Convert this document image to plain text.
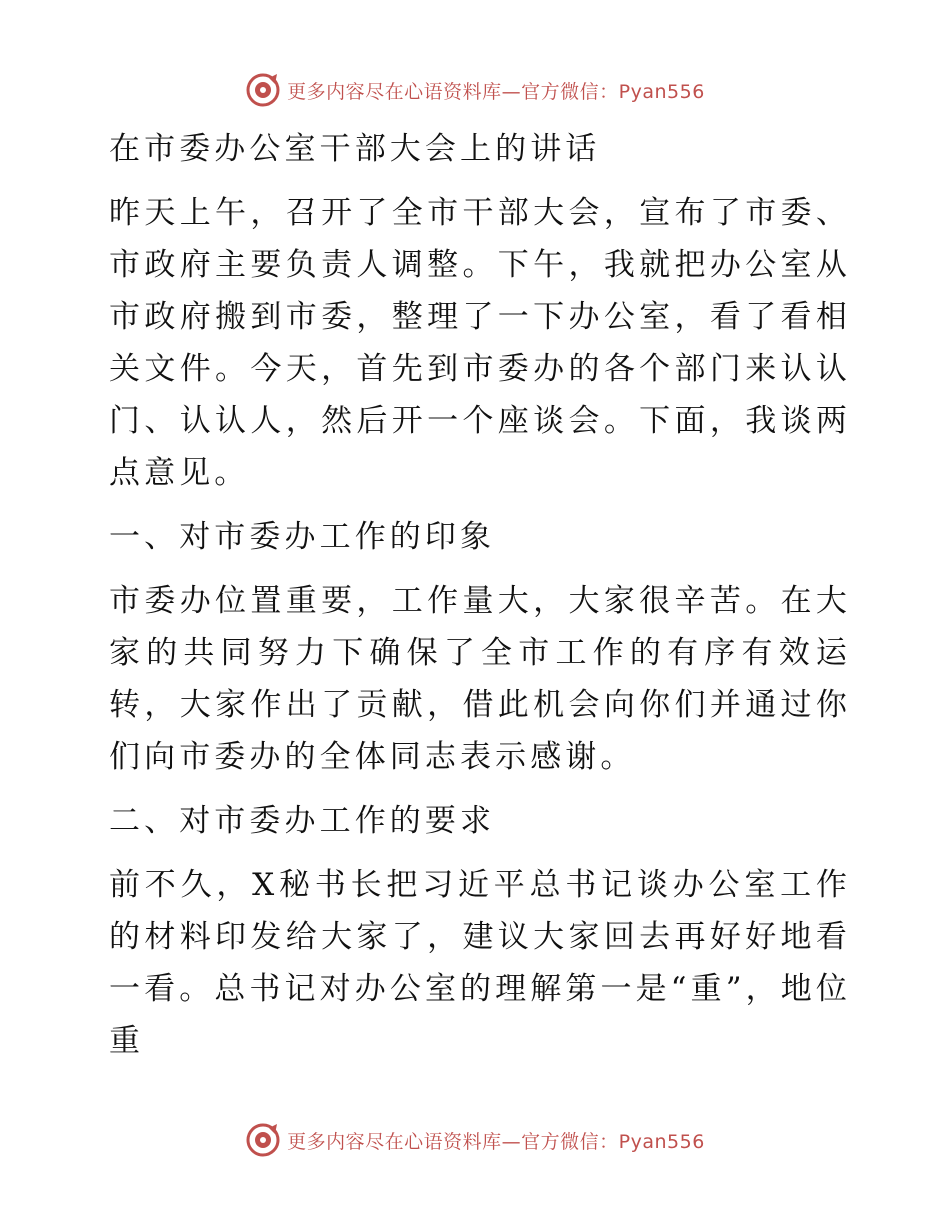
更多内容尽在心语资料库—官方微信：Pyan556

在市委办公室干部大会上的讲话

昨天上午，召开了全市干部大会，宣布了市委、市政府主要负责人调整。下午，我就把办公室从市政府搬到市委，整理了一下办公室，看了看相关文件。今天，首先到市委办的各个部门来认认门、认认人，然后开一个座谈会。下面，我谈两点意见。

一、对市委办工作的印象

市委办位置重要，工作量大，大家很辛苦。在大家的共同努力下确保了全市工作的有序有效运转，大家作出了贡献，借此机会向你们并通过你们向市委办的全体同志表示感谢。

二、对市委办工作的要求

前不久，X秘书长把习近平总书记谈办公室工作的材料印发给大家了，建议大家回去再好好地看一看。总书记对办公室的理解第一是“重”，地位重

更多内容尽在心语资料库—官方微信：Pyan556
